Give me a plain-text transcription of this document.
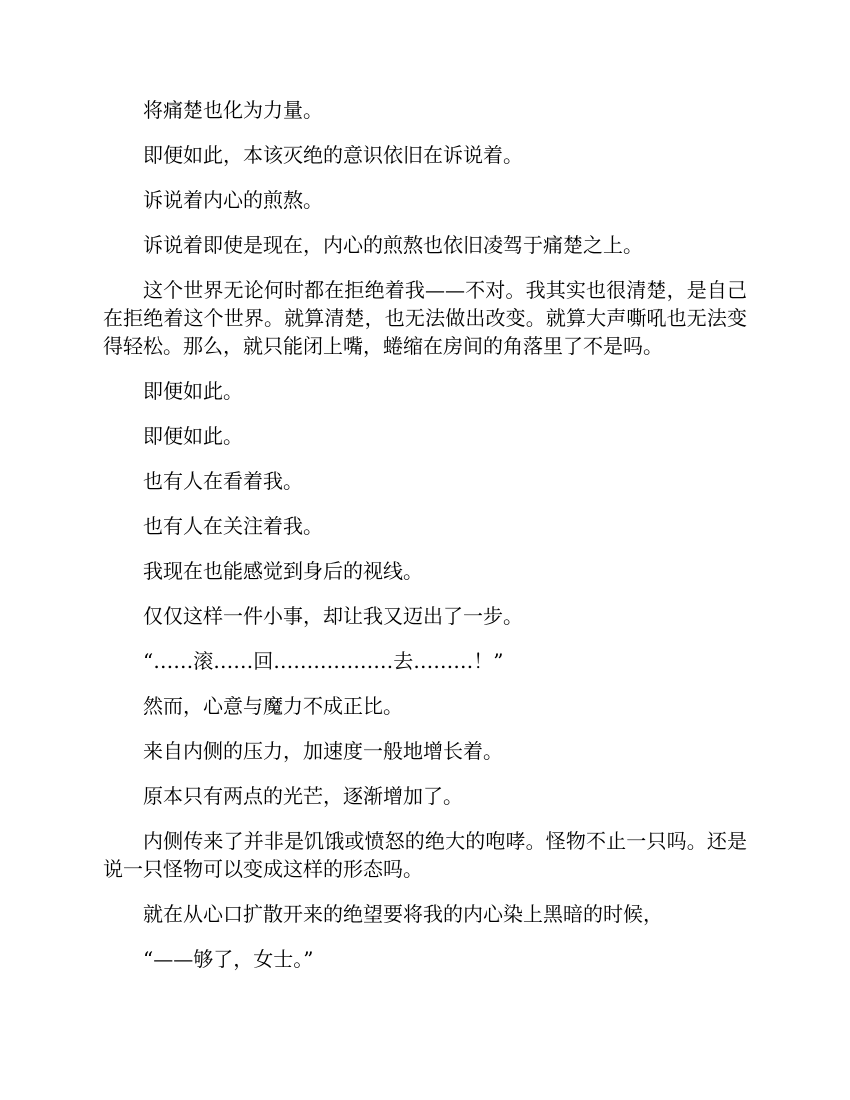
将痛楚也化为力量。

即便如此，本该灭绝的意识依旧在诉说着。

诉说着内心的煎熬。

诉说着即使是现在，内心的煎熬也依旧凌驾于痛楚之上。

这个世界无论何时都在拒绝着我——不对。我其实也很清楚，是自己在拒绝着这个世界。就算清楚，也无法做出改变。就算大声嘶吼也无法变得轻松。那么，就只能闭上嘴，蜷缩在房间的角落里了不是吗。

即便如此。

即便如此。

也有人在看着我。

也有人在关注着我。

我现在也能感觉到身后的视线。

仅仅这样一件小事，却让我又迈出了一步。

“……滚……回………………去………！”

然而，心意与魔力不成正比。

来自内侧的压力，加速度一般地增长着。

原本只有两点的光芒，逐渐增加了。

内侧传来了并非是饥饿或愤怒的绝大的咆哮。怪物不止一只吗。还是说一只怪物可以变成这样的形态吗。

就在从心口扩散开来的绝望要将我的内心染上黑暗的时候，

“——够了，女士。”
